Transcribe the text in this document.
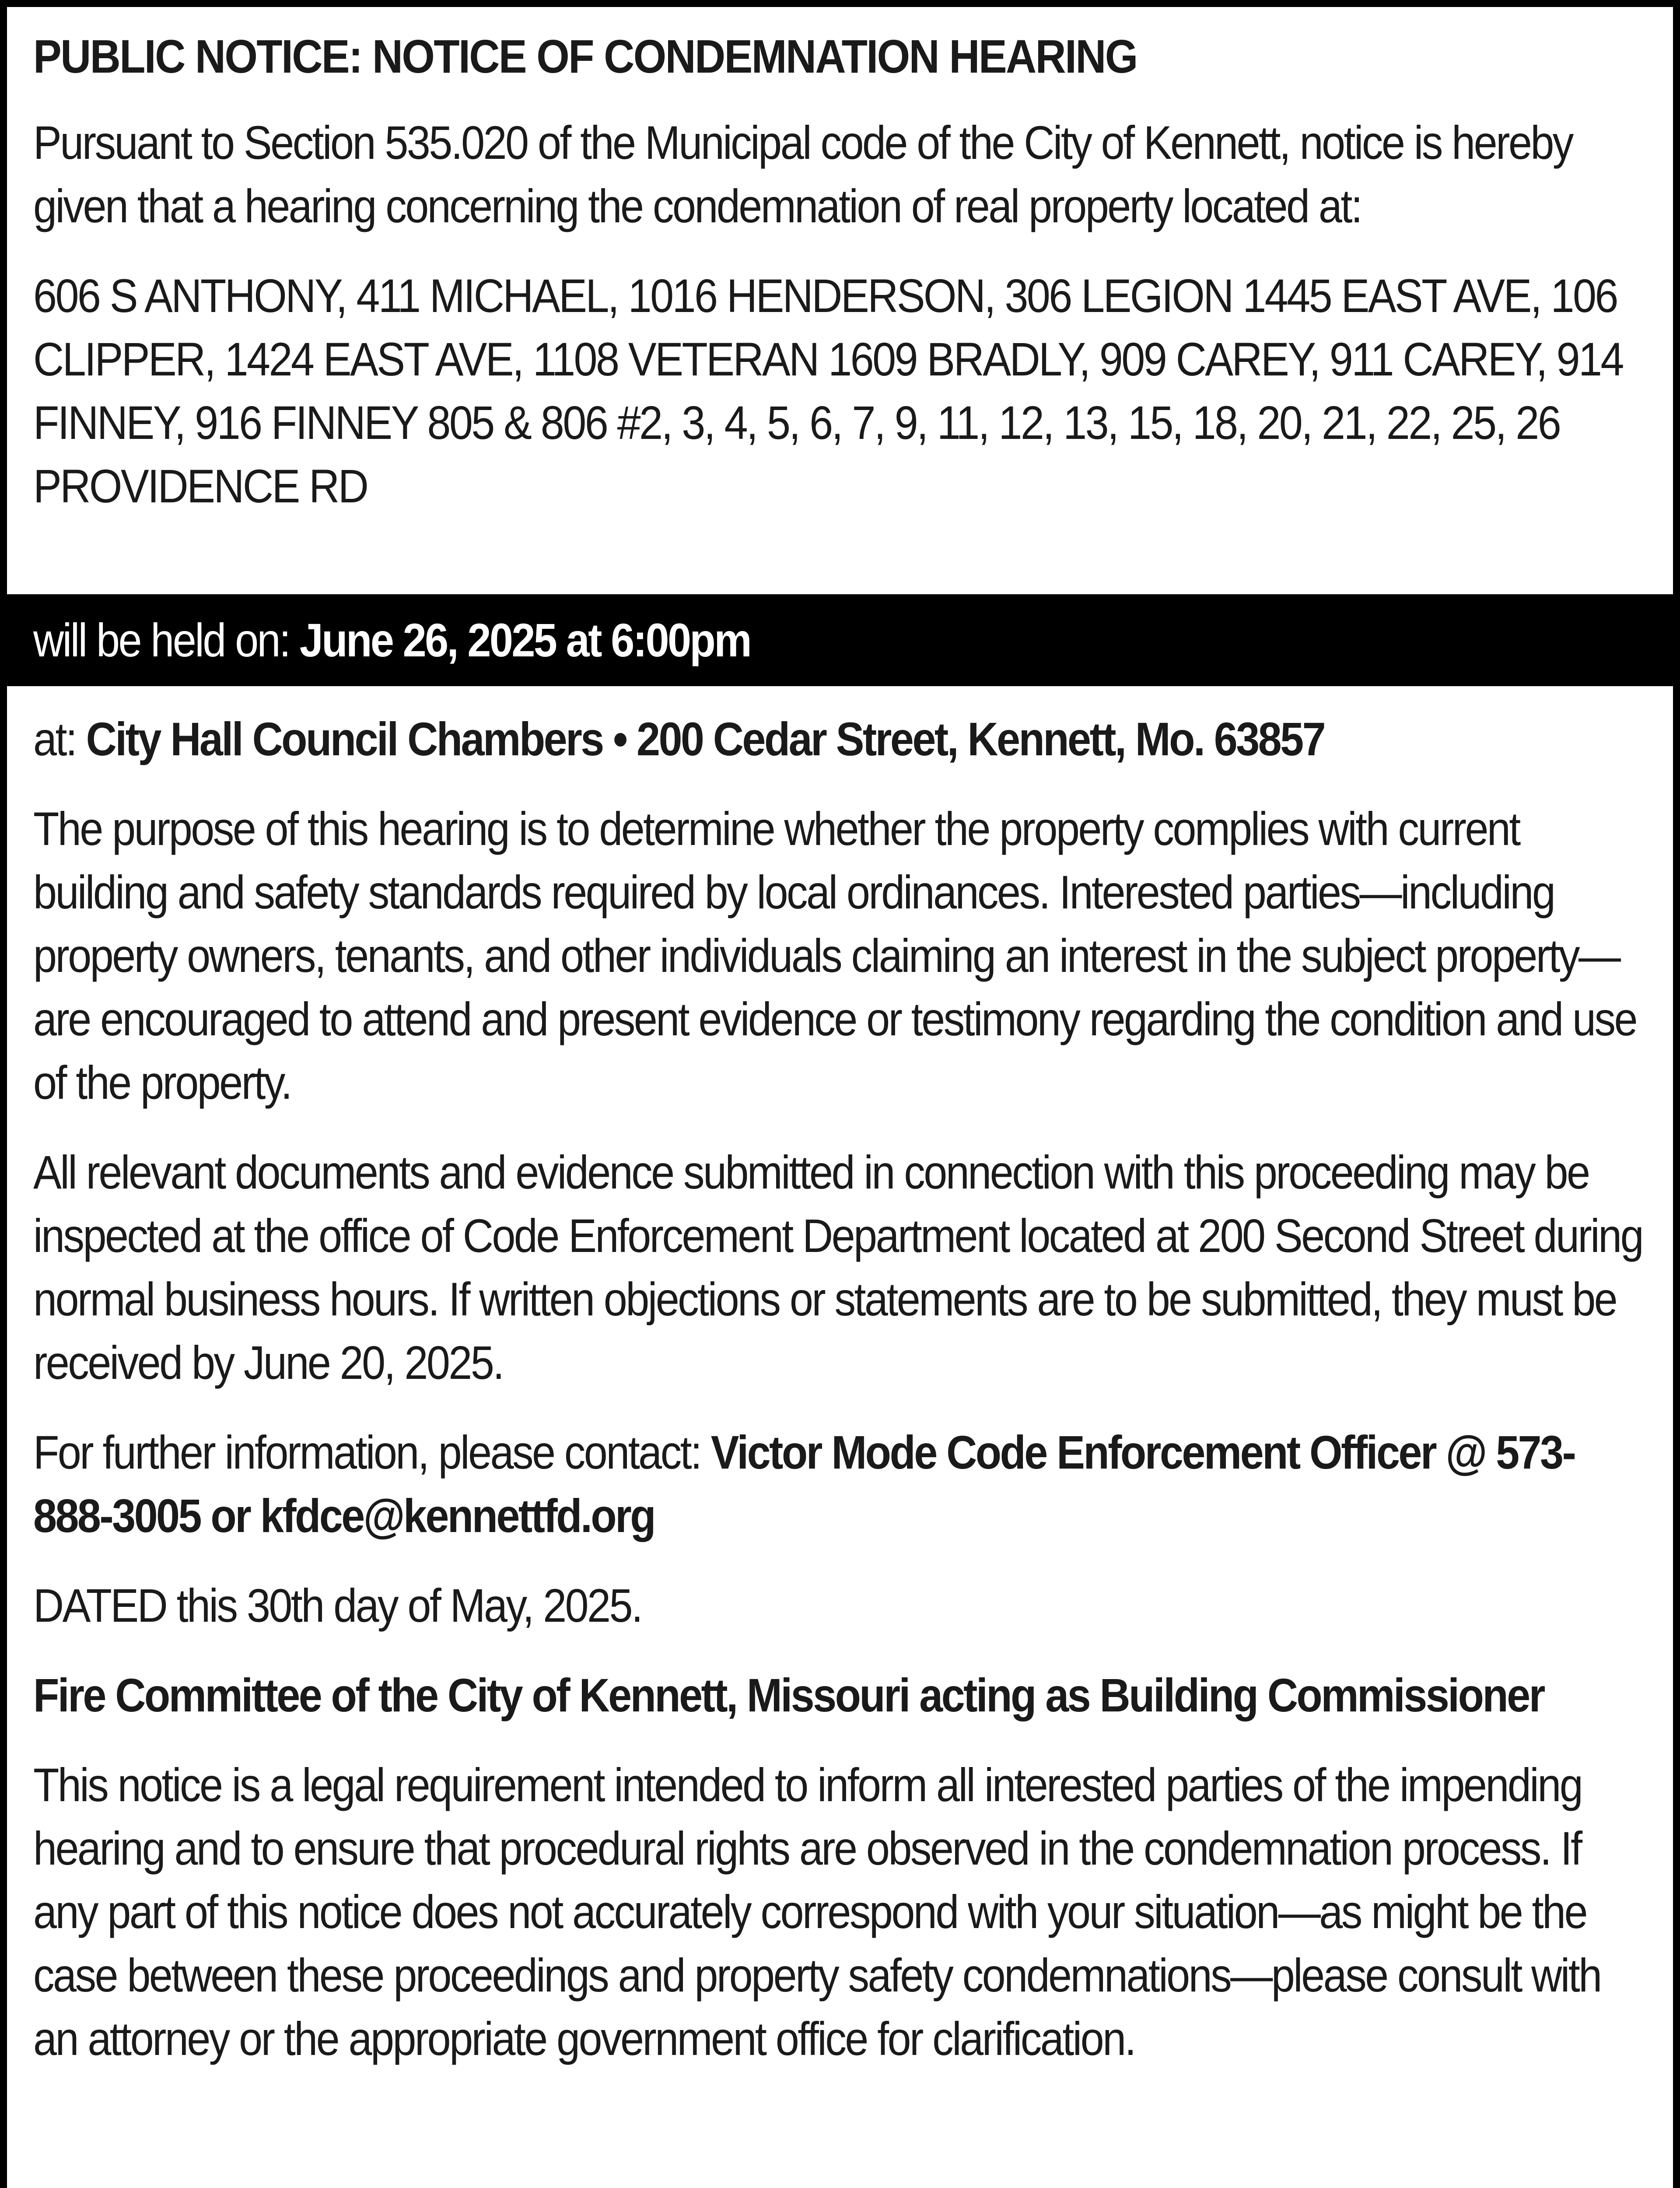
PUBLIC NOTICE: NOTICE OF CONDEMNATION HEARING

Pursuant to Section 535.020 of the Municipal code of the City of Kennett, notice is hereby given that a hearing concerning the condemnation of real property located at:

606 S ANTHONY, 411 MICHAEL, 1016 HENDERSON, 306 LEGION 1445 EAST AVE, 106 CLIPPER, 1424 EAST AVE, 1108 VETERAN 1609 BRADLY, 909 CAREY, 911 CAREY, 914 FINNEY, 916 FINNEY 805 & 806 #2, 3, 4, 5, 6, 7, 9, 11, 12, 13, 15, 18, 20, 21, 22, 25, 26 PROVIDENCE RD

will be held on: June 26, 2025 at 6:00pm

at: City Hall Council Chambers • 200 Cedar Street, Kennett, Mo. 63857

The purpose of this hearing is to determine whether the property complies with current building and safety standards required by local ordinances. Interested parties—including property owners, tenants, and other individuals claiming an interest in the subject property—are encouraged to attend and present evidence or testimony regarding the condition and use of the property.

All relevant documents and evidence submitted in connection with this proceeding may be inspected at the office of Code Enforcement Department located at 200 Second Street during normal business hours. If written objections or statements are to be submitted, they must be received by June 20, 2025.

For further information, please contact: Victor Mode Code Enforcement Officer @ 573-888-3005 or kfdce@kennettfd.org

DATED this 30th day of May, 2025.

Fire Committee of the City of Kennett, Missouri acting as Building Commissioner

This notice is a legal requirement intended to inform all interested parties of the impending hearing and to ensure that procedural rights are observed in the condemnation process. If any part of this notice does not accurately correspond with your situation—as might be the case between these proceedings and property safety condemnations—please consult with an attorney or the appropriate government office for clarification.
